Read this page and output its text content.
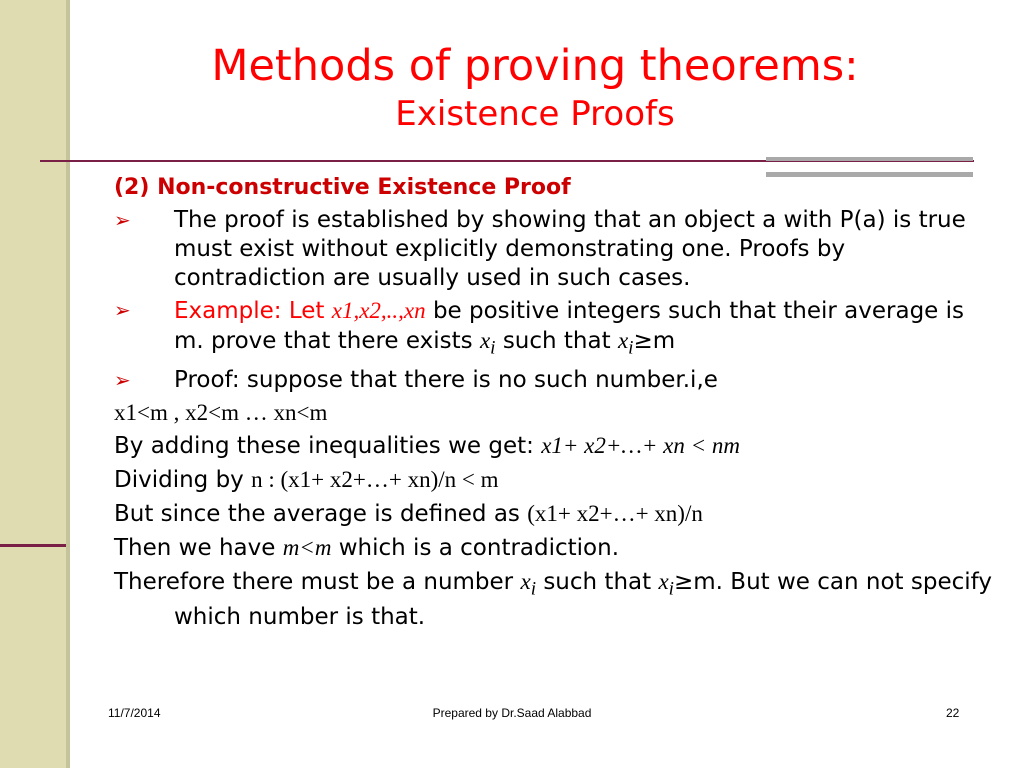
Methods of proving theorems:
Existence Proofs
(2) Non-constructive Existence Proof
➢ The proof is established by showing that an object a with P(a) is true must exist without explicitly demonstrating one. Proofs by contradiction are usually used in such cases.
➢ Example: Let x1,x2,..,xn be positive integers such that their average is m. prove that there exists $x_i$ such that $x_i\ge m$
➢ Proof: suppose that there is no such number.i,e
x1<m , x2<m … xn<m
By adding these inequalities we get: x1+ x2+…+ xn < nm
Dividing by n : (x1+ x2+…+ xn)/n < m
But since the average is defined as (x1+ x2+…+ xn)/n
Then we have m<m which is a contradiction.
Therefore there must be a number $x_i$ such that $x_i\ge m$. But we can not specify which number is that.
11/7/2014	Prepared by Dr.Saad Alabbad	22
